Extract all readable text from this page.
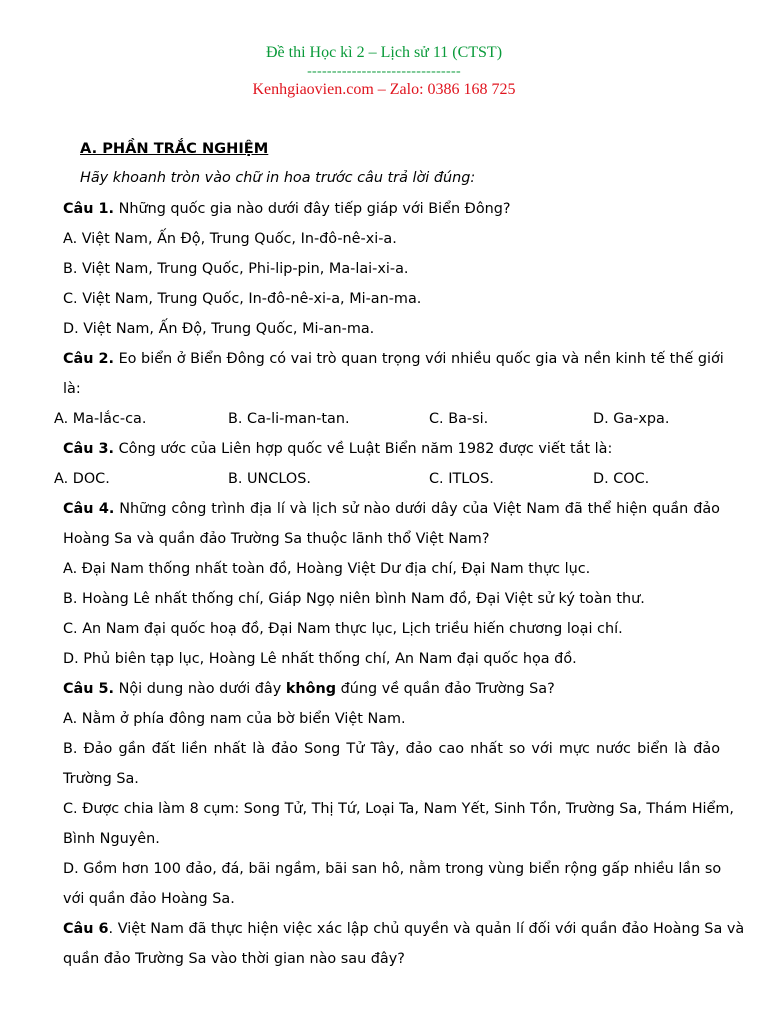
Đề thi Học kì 2 – Lịch sử 11 (CTST)
-------------------------------
Kenhgiaovien.com – Zalo: 0386 168 725
A. PHẦN TRẮC NGHIỆM
Hãy khoanh tròn vào chữ in hoa trước câu trả lời đúng:
Câu 1. Những quốc gia nào dưới đây tiếp giáp với Biển Đông?
A. Việt Nam, Ấn Độ, Trung Quốc, In-đô-nê-xi-a.
B. Việt Nam, Trung Quốc, Phi-lip-pin, Ma-lai-xi-a.
C. Việt Nam, Trung Quốc, In-đô-nê-xi-a, Mi-an-ma.
D. Việt Nam, Ấn Độ, Trung Quốc, Mi-an-ma.
Câu 2. Eo biển ở Biển Đông có vai trò quan trọng với nhiều quốc gia và nền kinh tế thế giới
là:
A. Ma-lắc-ca.	B. Ca-li-man-tan.	C. Ba-si.	D. Ga-xpa.
Câu 3. Công ước của Liên hợp quốc về Luật Biển năm 1982 được viết tắt là:
A. DOC.	B. UNCLOS.	C. ITLOS.	D. COC.
Câu 4. Những công trình địa lí và lịch sử nào dưới dây của Việt Nam đã thể hiện quần đảo
Hoàng Sa và quần đảo Trường Sa thuộc lãnh thổ Việt Nam?
A. Đại Nam thống nhất toàn đồ, Hoàng Việt Dư địa chí, Đại Nam thực lục.
B. Hoàng Lê nhất thống chí, Giáp Ngọ niên bình Nam đồ, Đại Việt sử ký toàn thư.
C. An Nam đại quốc hoạ đồ, Đại Nam thực lục, Lịch triều hiến chương loại chí.
D. Phủ biên tạp lục, Hoàng Lê nhất thống chí, An Nam đại quốc họa đồ.
Câu 5. Nội dung nào dưới đây không đúng về quần đảo Trường Sa?
A. Nằm ở phía đông nam của bờ biển Việt Nam.
B. Đảo gần đất liền nhất là đảo Song Tử Tây, đảo cao nhất so với mực nước biển là đảo
Trường Sa.
C. Được chia làm 8 cụm: Song Tử, Thị Tứ, Loại Ta, Nam Yết, Sinh Tồn, Trường Sa, Thám Hiểm,
Bình Nguyên.
D. Gồm hơn 100 đảo, đá, bãi ngầm, bãi san hô, nằm trong vùng biển rộng gấp nhiều lần so
với quần đảo Hoàng Sa.
Câu 6. Việt Nam đã thực hiện việc xác lập chủ quyền và quản lí đối với quần đảo Hoàng Sa và
quần đảo Trường Sa vào thời gian nào sau đây?
